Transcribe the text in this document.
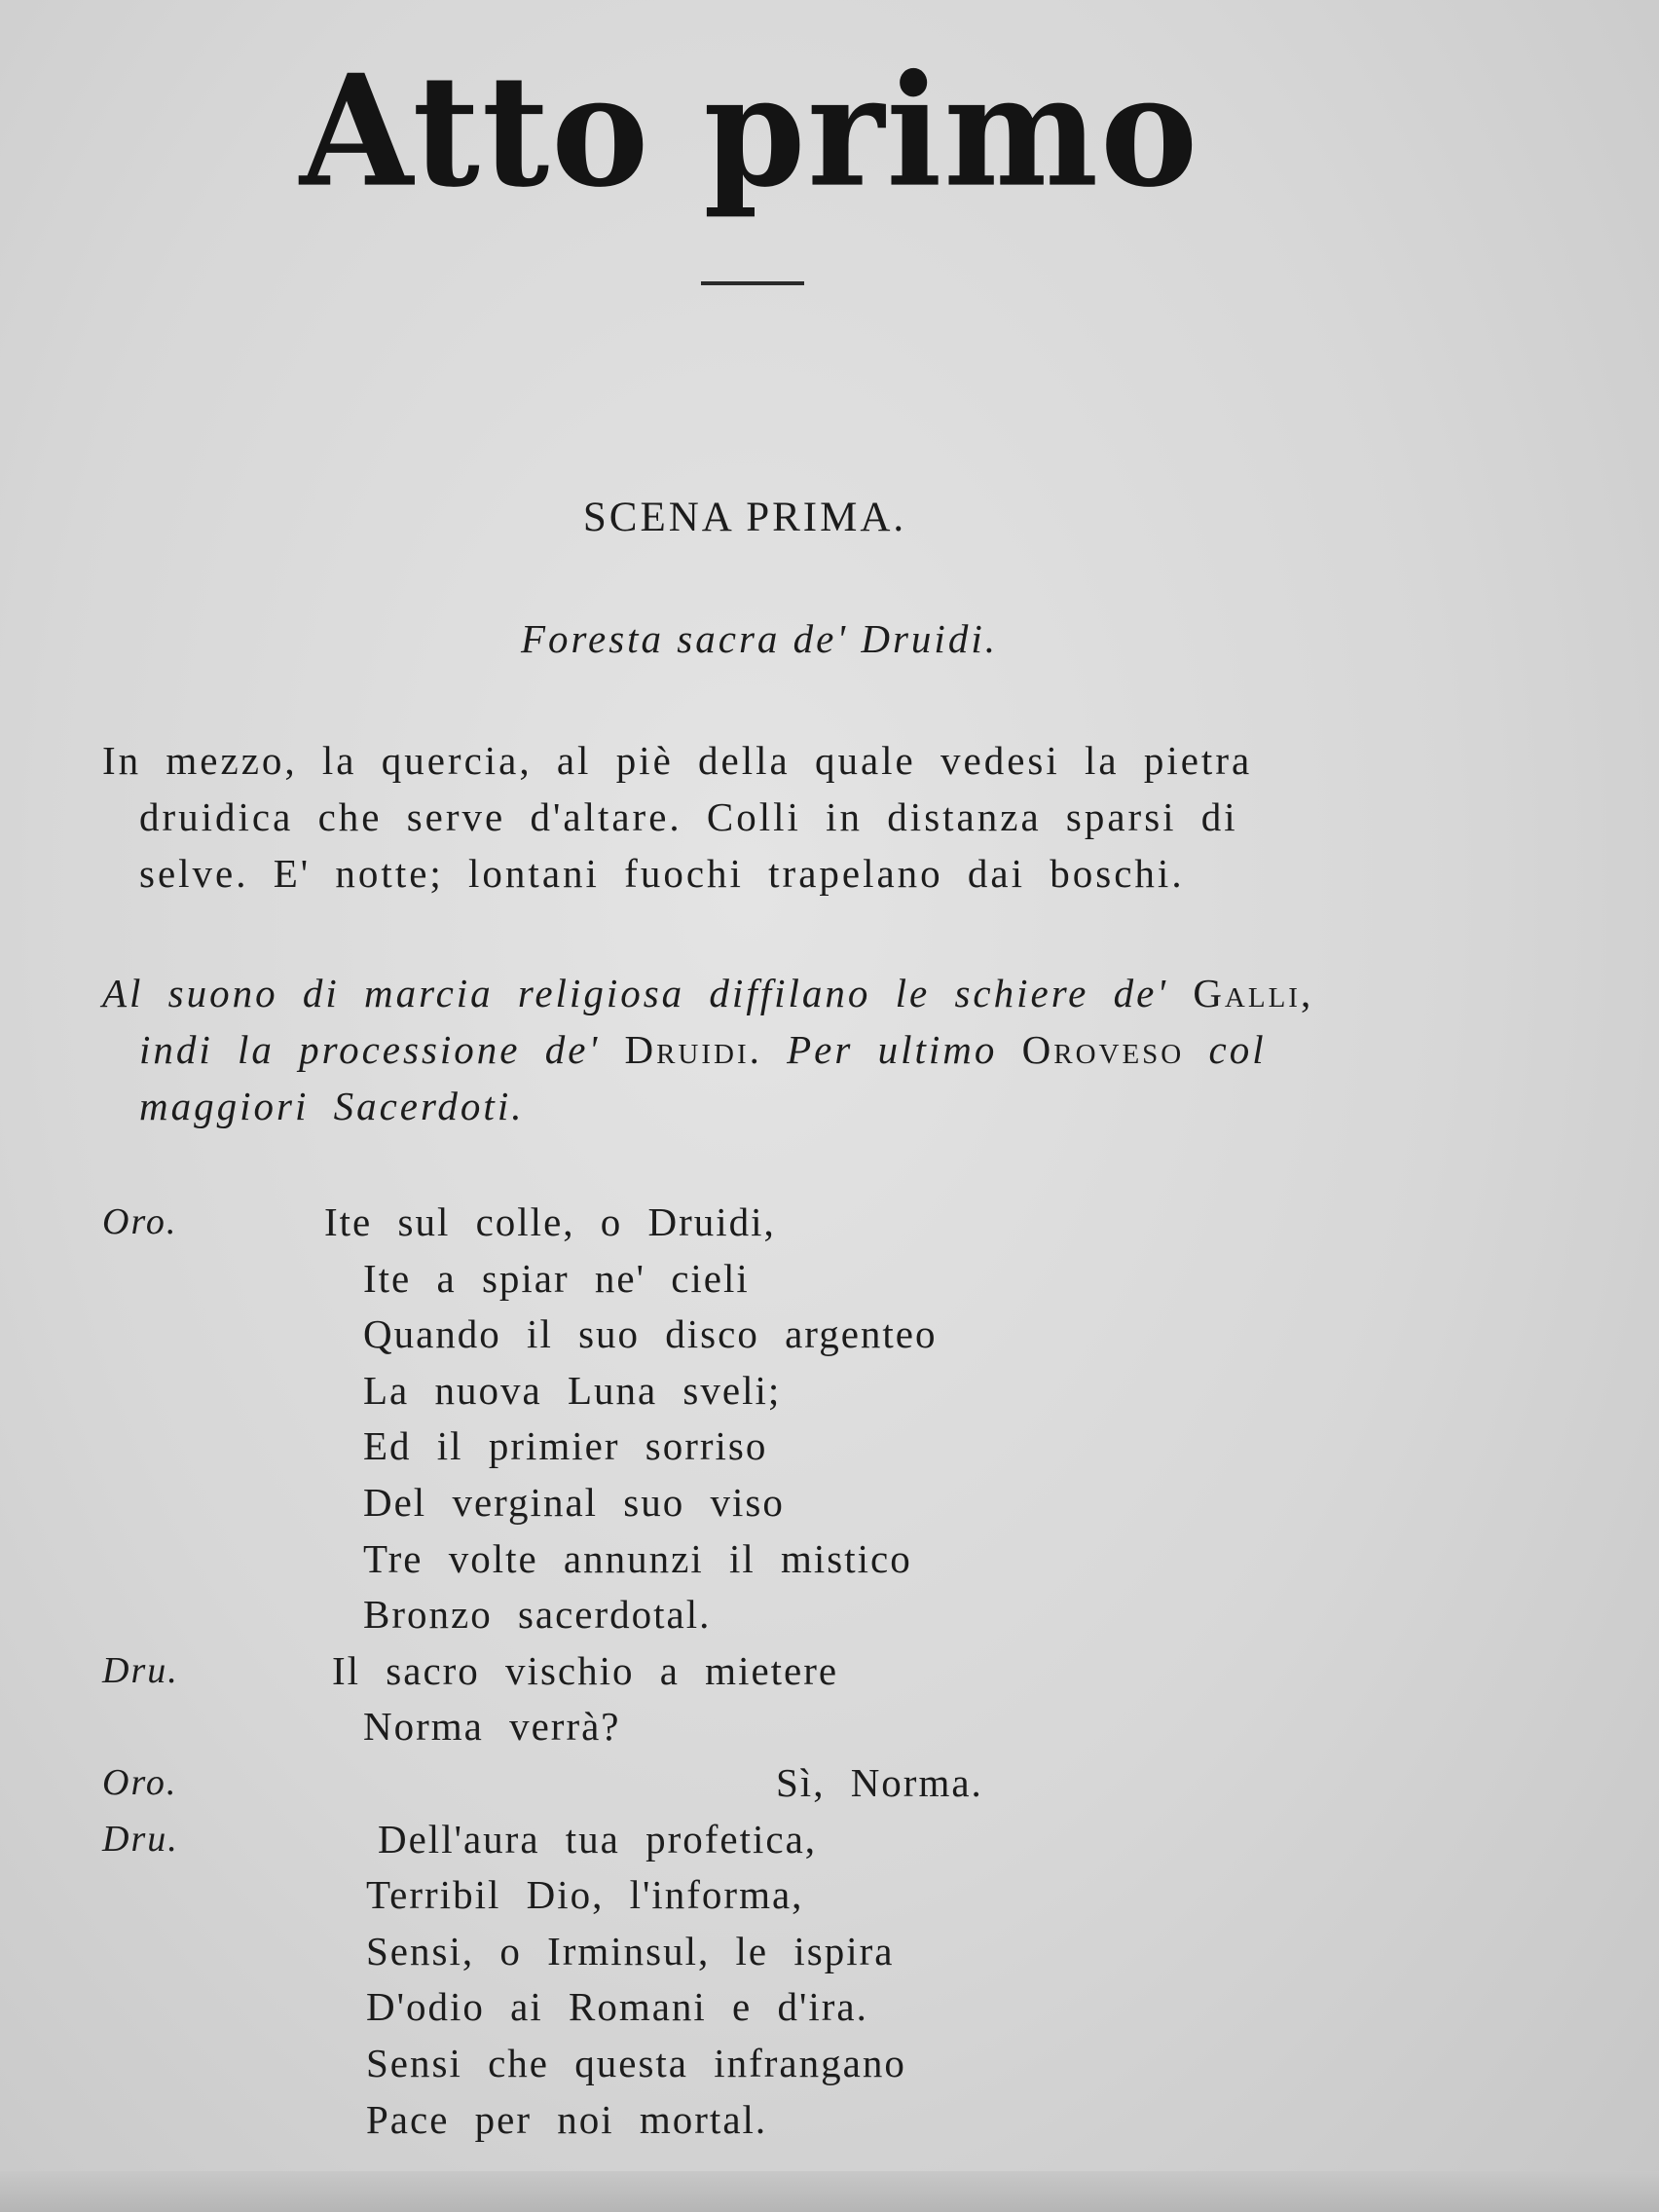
Atto primo
SCENA PRIMA.
Foresta sacra de' Druidi.
In mezzo, la quercia, al piè della quale vedesi la pietra
druidica che serve d'altare. Colli in distanza sparsi di
selve. E' notte; lontani fuochi trapelano dai boschi.
Al suono di marcia religiosa diffilano le schiere de' Galli,
indi la processione de' Druidi. Per ultimo Oroveso col
maggiori Sacerdoti.
Oro.	Ite sul colle, o Druidi,
Ite a spiar ne' cieli
Quando il suo disco argenteo
La nuova Luna sveli;
Ed il primier sorriso
Del verginal suo viso
Tre volte annunzi il mistico
Bronzo sacerdotal.
Dru.	Il sacro vischio a mietere
Norma verrà?
Oro.	Sì, Norma.
Dru.	Dell'aura tua profetica,
Terribil Dio, l'informa,
Sensi, o Irminsul, le ispira
D'odio ai Romani e d'ira.
Sensi che questa infrangano
Pace per noi mortal.
